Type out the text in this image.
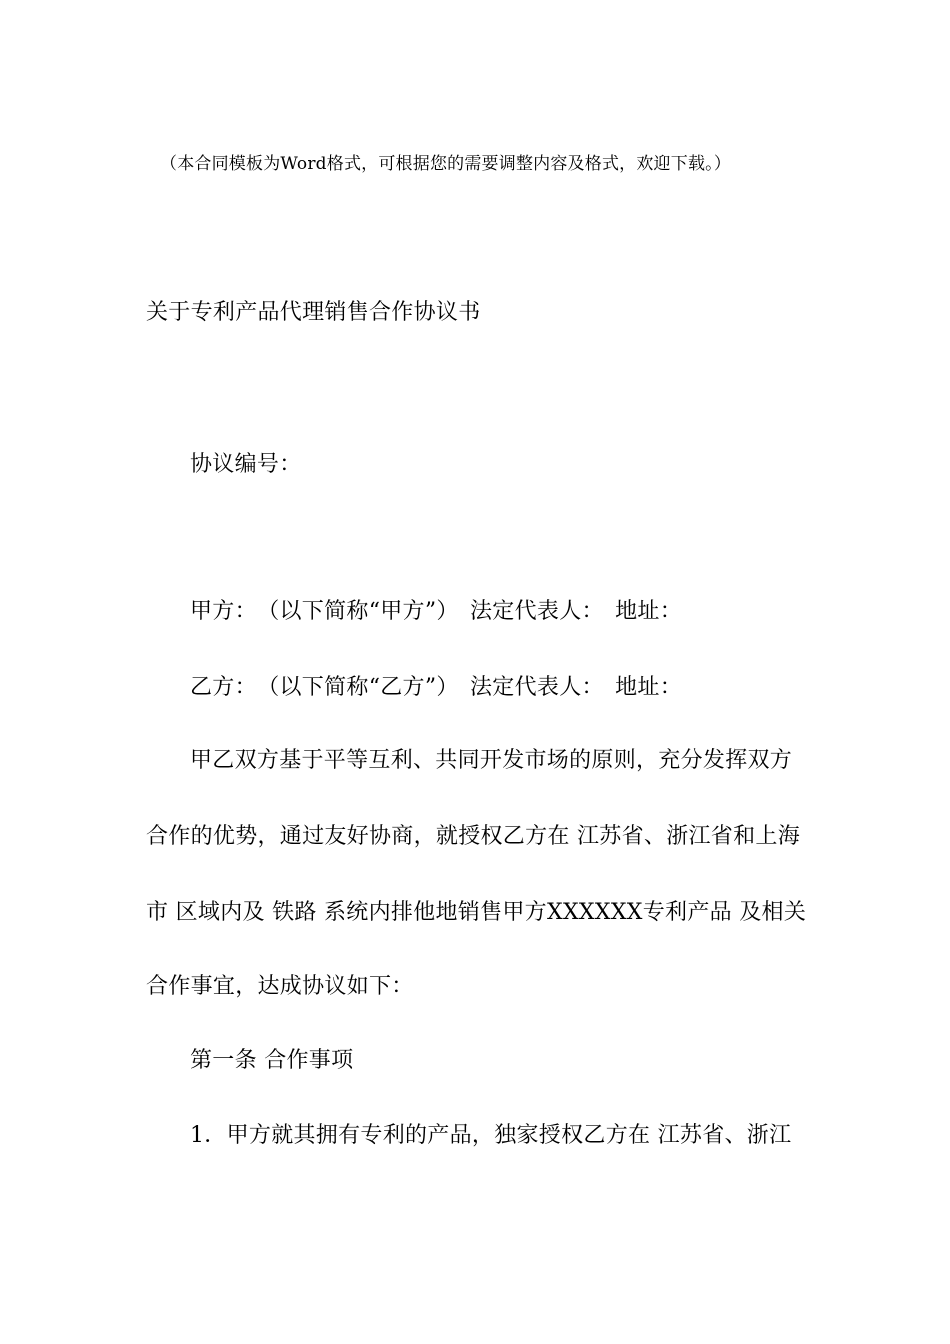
（本合同模板为Word格式，可根据您的需要调整内容及格式，欢迎下载。）
关于专利产品代理销售合作协议书
协议编号：
甲方：　（以下简称“甲方”）　法定代表人：　地址：
乙方：　（以下简称“乙方”）　法定代表人：　地址：
甲乙双方基于平等互利、共同开发市场的原则，充分发挥双方
合作的优势，通过友好协商，就授权乙方在 江苏省、浙江省和上海
市 区域内及 铁路 系统内排他地销售甲方XXXXXX专利产品 及相关
合作事宜，达成协议如下：
第一条 合作事项
1．甲方就其拥有专利的产品，独家授权乙方在 江苏省、浙江
